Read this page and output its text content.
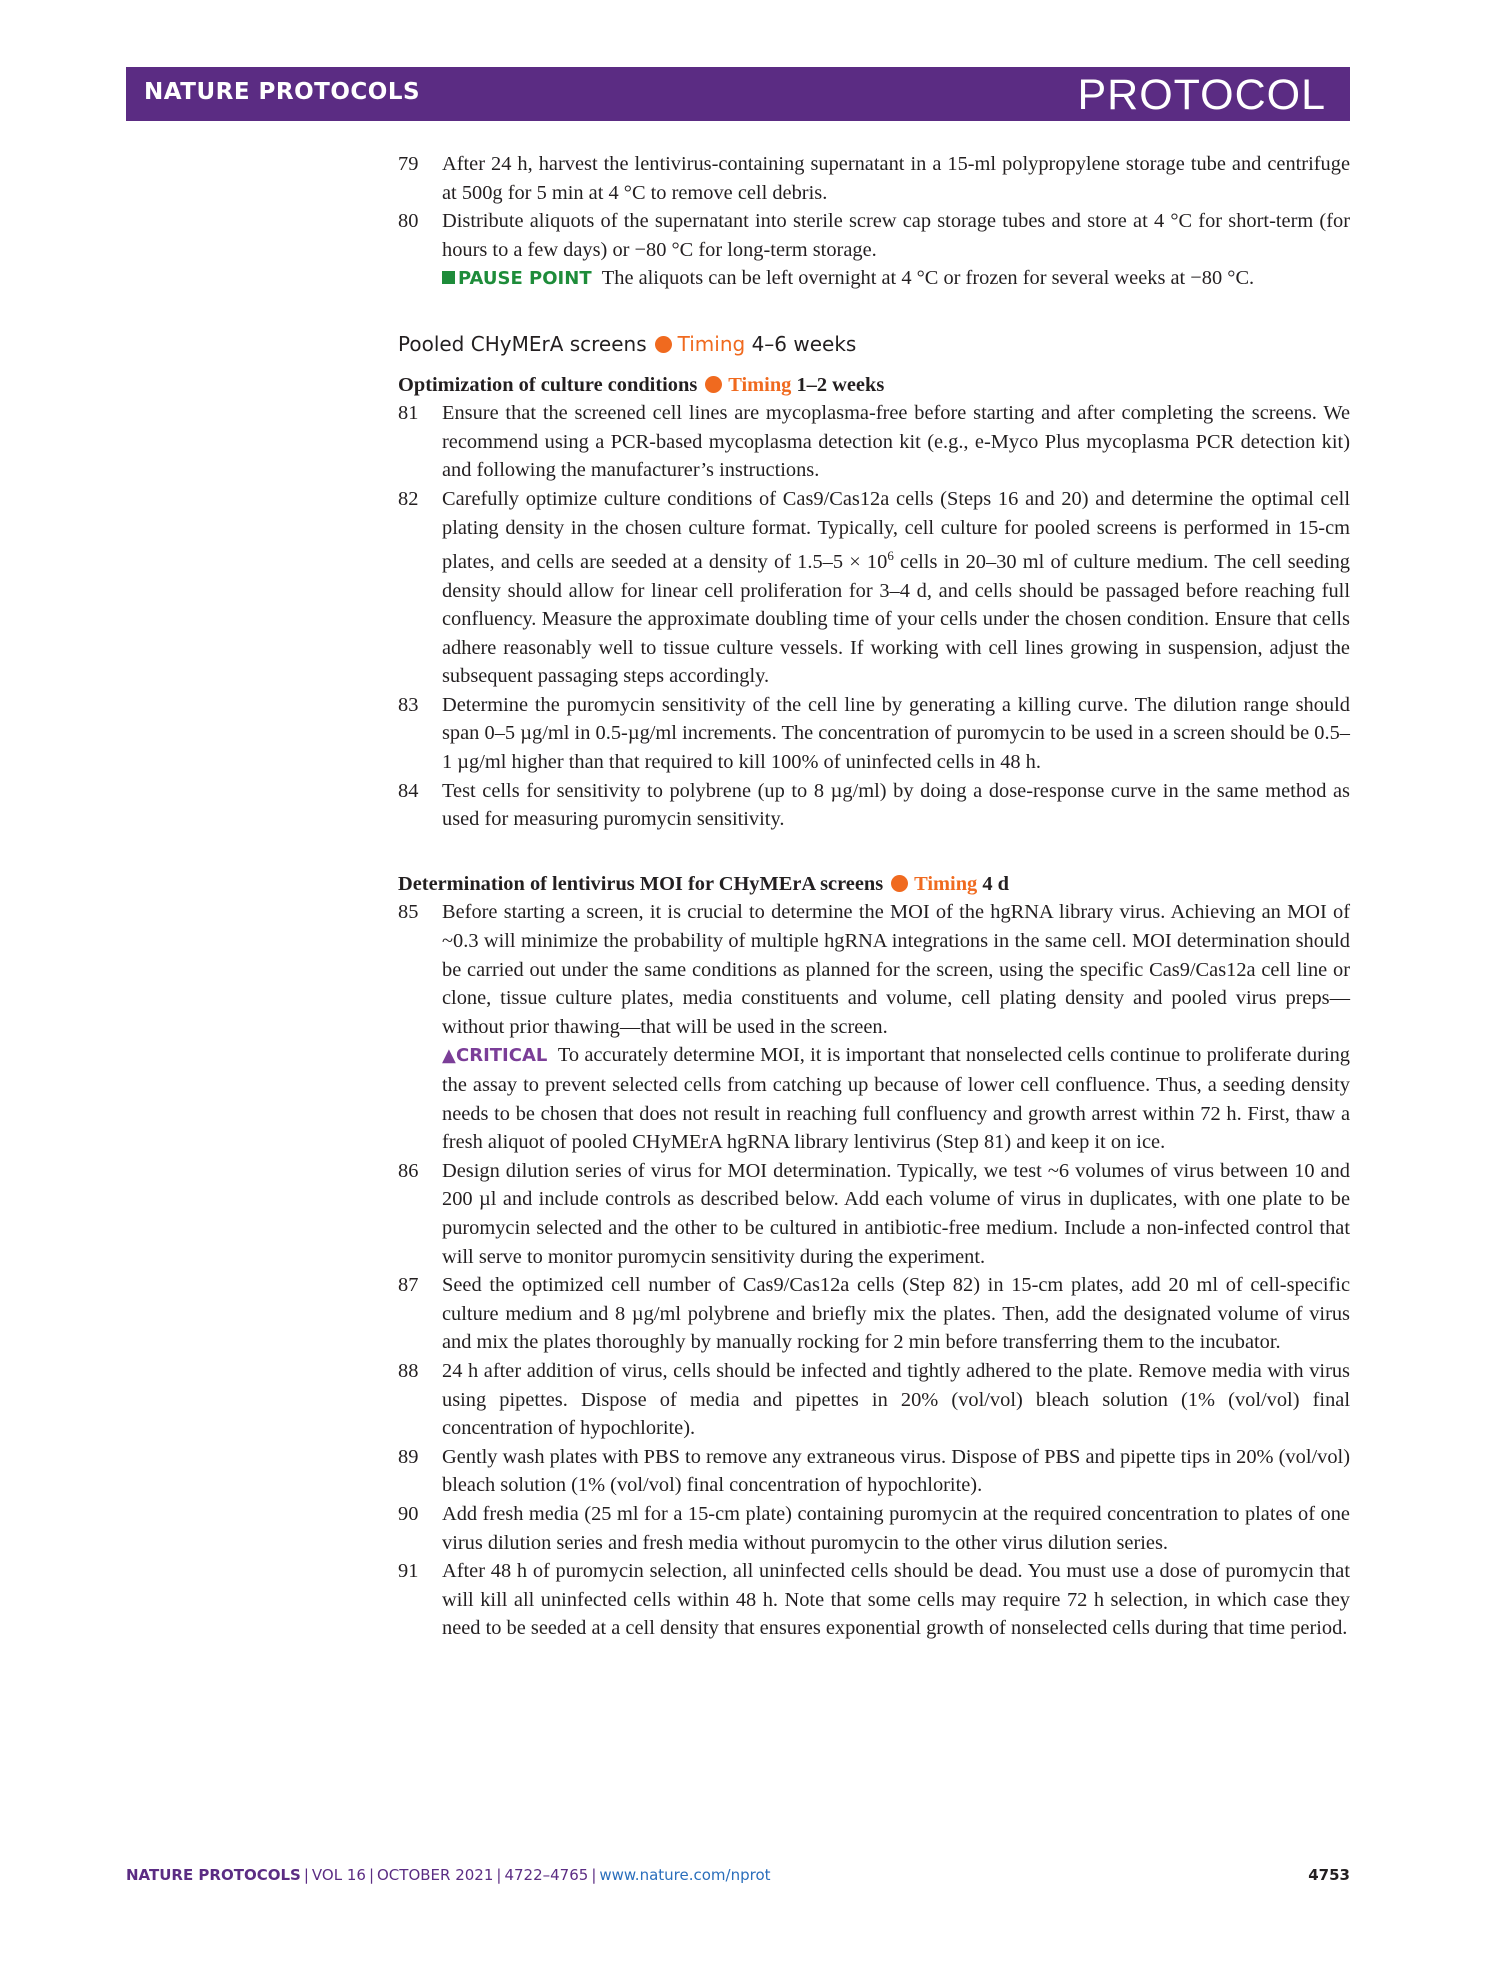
NATURE PROTOCOLS	PROTOCOL
79 After 24 h, harvest the lentivirus-containing supernatant in a 15-ml polypropylene storage tube and centrifuge at 500g for 5 min at 4 °C to remove cell debris.

80 Distribute aliquots of the supernatant into sterile screw cap storage tubes and store at 4 °C for short-term (for hours to a few days) or −80 °C for long-term storage.

PAUSE POINT The aliquots can be left overnight at 4 °C or frozen for several weeks at −80 °C.
Pooled CHyMErA screens Timing 4–6 weeks
Optimization of culture conditions Timing 1–2 weeks
81 Ensure that the screened cell lines are mycoplasma-free before starting and after completing the screens. We recommend using a PCR-based mycoplasma detection kit (e.g., e-Myco Plus mycoplasma PCR detection kit) and following the manufacturer’s instructions.

82 Carefully optimize culture conditions of Cas9/Cas12a cells (Steps 16 and 20) and determine the optimal cell plating density in the chosen culture format. Typically, cell culture for pooled screens is performed in 15-cm plates, and cells are seeded at a density of $1.5-5 \times 10^6$ cells in 20–30 ml of culture medium. The cell seeding density should allow for linear cell proliferation for 3–4 d, and cells should be passaged before reaching full confluency. Measure the approximate doubling time of your cells under the chosen condition. Ensure that cells adhere reasonably well to tissue culture vessels. If working with cell lines growing in suspension, adjust the subsequent passaging steps accordingly.

83 Determine the puromycin sensitivity of the cell line by generating a killing curve. The dilution range should span 0–5 µg/ml in 0.5-µg/ml increments. The concentration of puromycin to be used in a screen should be 0.5–1 µg/ml higher than that required to kill 100% of uninfected cells in 48 h.

84 Test cells for sensitivity to polybrene (up to 8 µg/ml) by doing a dose-response curve in the same method as used for measuring puromycin sensitivity.

Determination of lentivirus MOI for CHyMErA screens Timing 4 d
85 Before starting a screen, it is crucial to determine the MOI of the hgRNA library virus. Achieving an MOI of ~0.3 will minimize the probability of multiple hgRNA integrations in the same cell. MOI determination should be carried out under the same conditions as planned for the screen, using the specific Cas9/Cas12a cell line or clone, tissue culture plates, media constituents and volume, cell plating density and pooled virus preps—without prior thawing—that will be used in the screen.

▲CRITICAL To accurately determine MOI, it is important that nonselected cells continue to proliferate during the assay to prevent selected cells from catching up because of lower cell confluence. Thus, a seeding density needs to be chosen that does not result in reaching full confluency and growth arrest within 72 h. First, thaw a fresh aliquot of pooled CHyMErA hgRNA library lentivirus (Step 81) and keep it on ice.
86 Design dilution series of virus for MOI determination. Typically, we test ~6 volumes of virus between 10 and 200 µl and include controls as described below. Add each volume of virus in duplicates, with one plate to be puromycin selected and the other to be cultured in antibiotic-free medium. Include a non-infected control that will serve to monitor puromycin sensitivity during the experiment.

87 Seed the optimized cell number of Cas9/Cas12a cells (Step 82) in 15-cm plates, add 20 ml of cell-specific culture medium and 8 µg/ml polybrene and briefly mix the plates. Then, add the designated volume of virus and mix the plates thoroughly by manually rocking for 2 min before transferring them to the incubator.

88 24 h after addition of virus, cells should be infected and tightly adhered to the plate. Remove media with virus using pipettes. Dispose of media and pipettes in 20% (vol/vol) bleach solution (1% (vol/vol) final concentration of hypochlorite).

89 Gently wash plates with PBS to remove any extraneous virus. Dispose of PBS and pipette tips in 20% (vol/vol) bleach solution (1% (vol/vol) final concentration of hypochlorite).

90 Add fresh media (25 ml for a 15-cm plate) containing puromycin at the required concentration to plates of one virus dilution series and fresh media without puromycin to the other virus dilution series.

91 After 48 h of puromycin selection, all uninfected cells should be dead. You must use a dose of puromycin that will kill all uninfected cells within 48 h. Note that some cells may require 72 h selection, in which case they need to be seeded at a cell density that ensures exponential growth of nonselected cells during that time period.

NATURE PROTOCOLS | VOL 16 | OCTOBER 2021 | 4722–4765 | www.nature.com/nprot	4753
